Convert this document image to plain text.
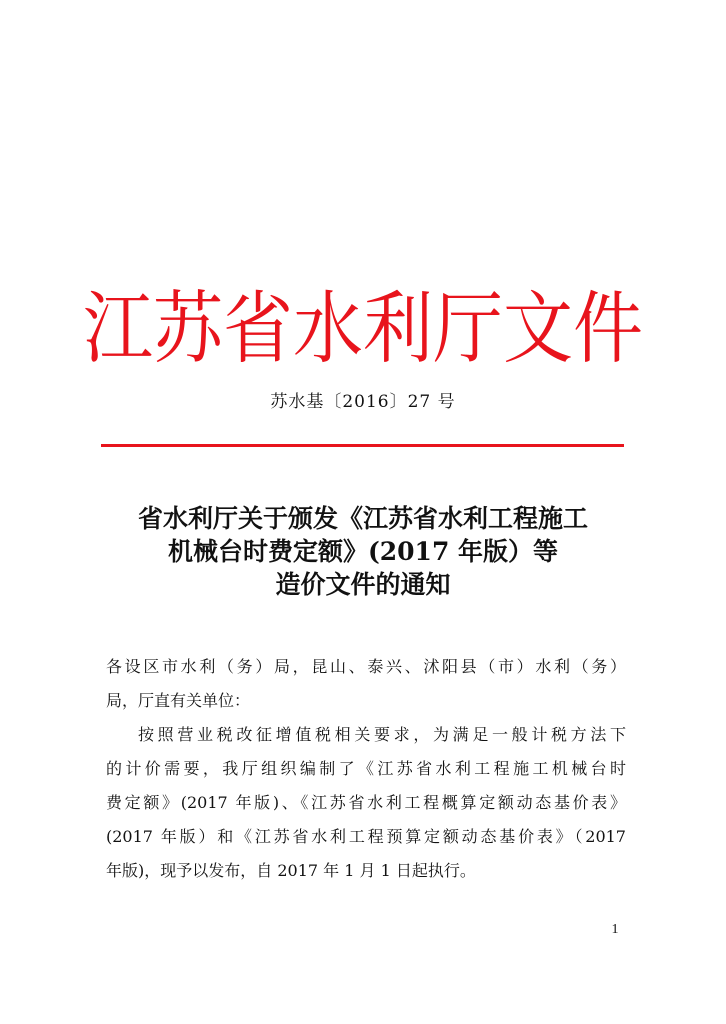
江苏省水利厅文件
苏水基〔2016〕27 号
省水利厅关于颁发《江苏省水利工程施工
机械台时费定额》(2017 年版）等
造价文件的通知
各设区市水利（务）局，昆山、泰兴、沭阳县（市）水利（务）
局，厅直有关单位：
按照营业税改征增值税相关要求，为满足一般计税方法下
的计价需要，我厅组织编制了《江苏省水利工程施工机械台时
费定额》(2017 年版)、《江苏省水利工程概算定额动态基价表》
(2017 年版）和《江苏省水利工程预算定额动态基价表》（2017
年版)，现予以发布，自 2017 年 1 月 1 日起执行。
1
